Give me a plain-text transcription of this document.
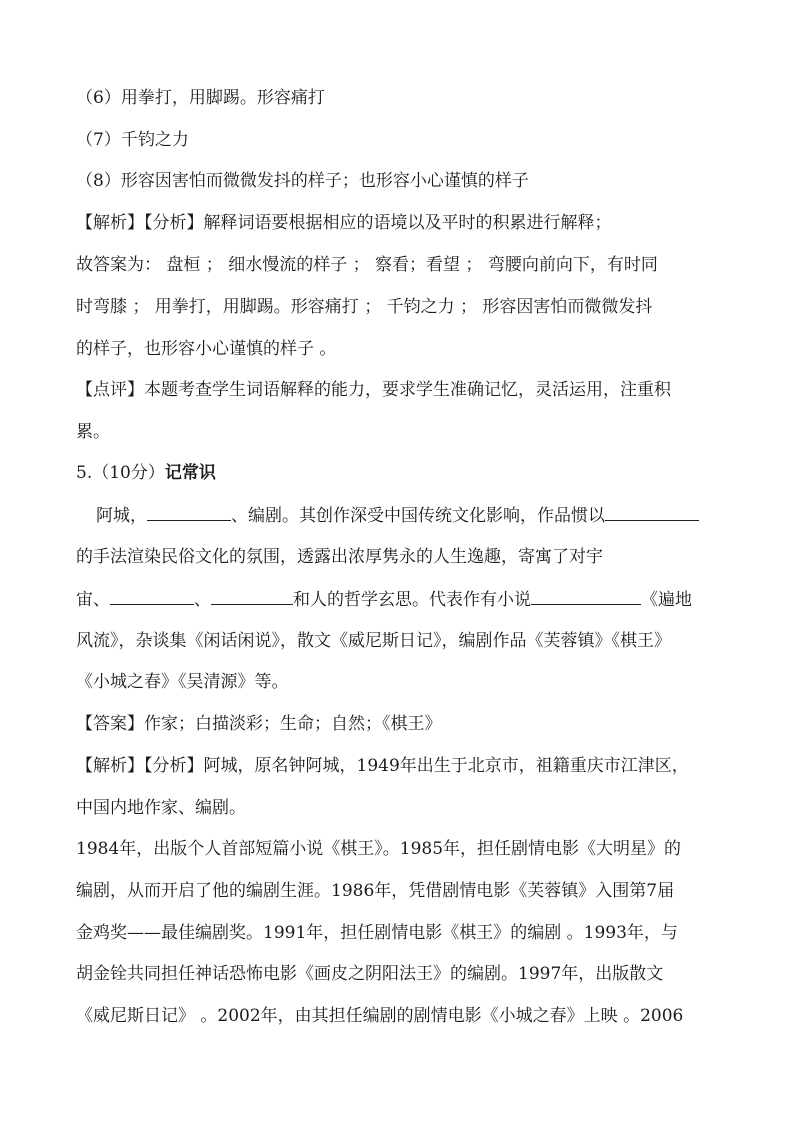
（6）用拳打，用脚踢。形容痛打
（7）千钧之力
（8）形容因害怕而微微发抖的样子；也形容小心谨慎的样子
【解析】【分析】解释词语要根据相应的语境以及平时的积累进行解释；
故答案为： 盘桓 ； 细水慢流的样子 ； 察看；看望 ； 弯腰向前向下，有时同
时弯膝 ； 用拳打，用脚踢。形容痛打 ； 千钧之力 ； 形容因害怕而微微发抖
的样子，也形容小心谨慎的样子 。
【点评】本题考查学生词语解释的能力，要求学生准确记忆，灵活运用，注重积
累。
5.（10分）记常识
阿城，	、编剧。其创作深受中国传统文化影响，作品惯以
的手法渲染民俗文化的氛围，透露出浓厚隽永的人生逸趣，寄寓了对宇
宙、	、	和人的哲学玄思。代表作有小说	《遍地
风流》，杂谈集《闲话闲说》，散文《威尼斯日记》，编剧作品《芙蓉镇》《棋王》
《小城之春》《吴清源》等。
【答案】作家；白描淡彩；生命；自然；《棋王》
【解析】【分析】阿城，原名钟阿城，1949年出生于北京市，祖籍重庆市江津区，
中国内地作家、编剧。
1984年，出版个人首部短篇小说《棋王》。1985年，担任剧情电影《大明星》的
编剧，从而开启了他的编剧生涯。1986年，凭借剧情电影《芙蓉镇》入围第7届
金鸡奖——最佳编剧奖。1991年，担任剧情电影《棋王》的编剧 。1993年，与
胡金铨共同担任神话恐怖电影《画皮之阴阳法王》的编剧。1997年，出版散文
《威尼斯日记》 。2002年，由其担任编剧的剧情电影《小城之春》上映 。2006
